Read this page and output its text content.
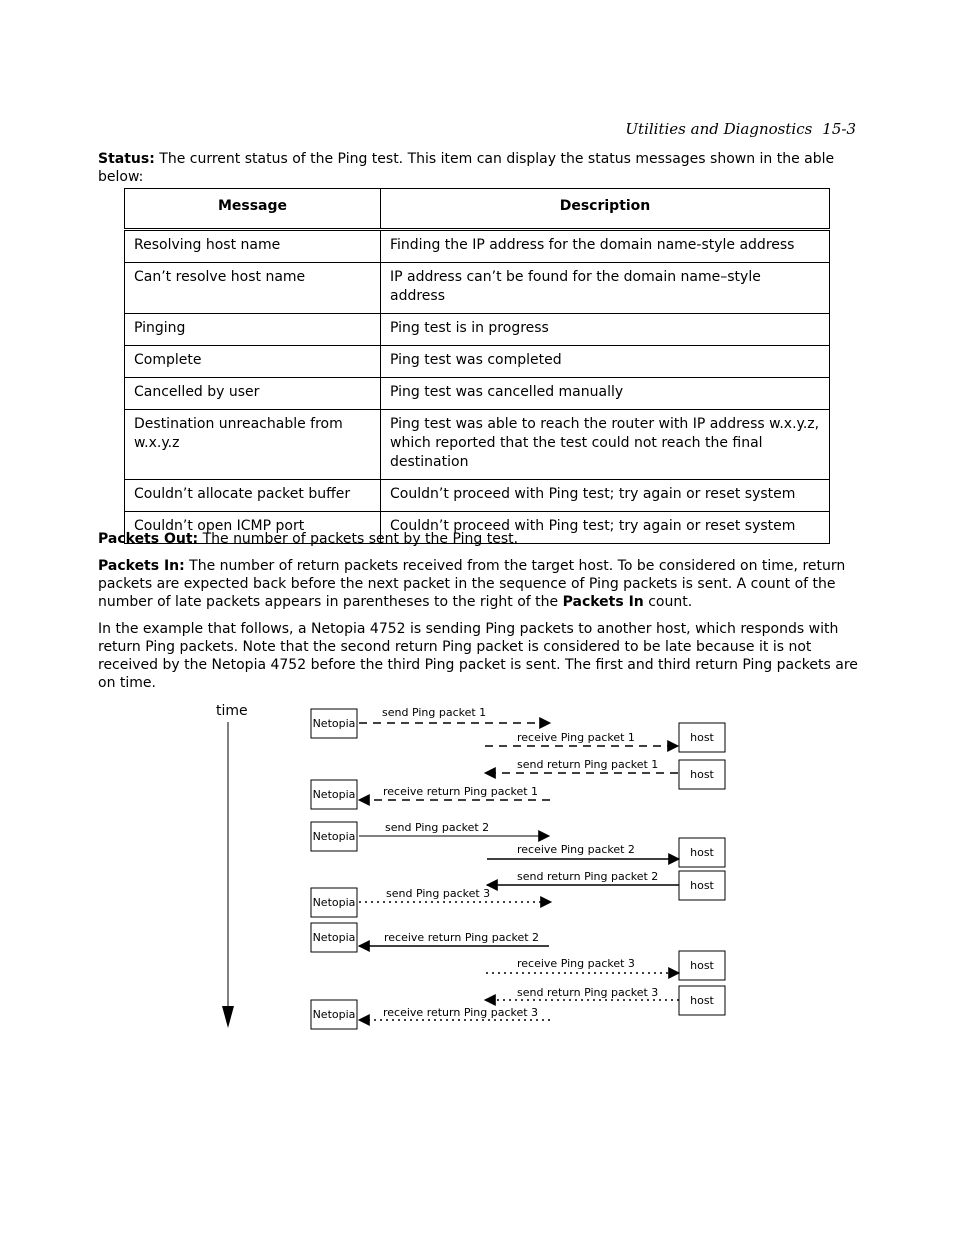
Utilities and Diagnostics 15-3

Status: The current status of the Ping test. This item can display the status messages shown in the able below:

Message	Description
Resolving host name	Finding the IP address for the domain name-style address
Can’t resolve host name	IP address can’t be found for the domain name–style address
Pinging	Ping test is in progress
Complete	Ping test was completed
Cancelled by user	Ping test was cancelled manually
Destination unreachable from w.x.y.z	Ping test was able to reach the router with IP address w.x.y.z, which reported that the test could not reach the final destination
Couldn’t allocate packet buffer	Couldn’t proceed with Ping test; try again or reset system
Couldn’t open ICMP port	Couldn’t proceed with Ping test; try again or reset system

Packets Out: The number of packets sent by the Ping test.

Packets In: The number of return packets received from the target host. To be considered on time, return packets are expected back before the next packet in the sequence of Ping packets is sent. A count of the number of late packets appears in parentheses to the right of the Packets In count.

In the example that follows, a Netopia 4752 is sending Ping packets to another host, which responds with return Ping packets. Note that the second return Ping packet is considered to be late because it is not received by the Netopia 4752 before the third Ping packet is sent. The first and third return Ping packets are on time.

time
Netopia
Netopia
Netopia
Netopia
Netopia
Netopia
host
host
host
host
host
host
send Ping packet 1
receive Ping packet 1
send return Ping packet 1
receive return Ping packet 1
send Ping packet 2
receive Ping packet 2
send return Ping packet 2
send Ping packet 3
receive return Ping packet 2
receive Ping packet 3
send return Ping packet 3
receive return Ping packet 3
